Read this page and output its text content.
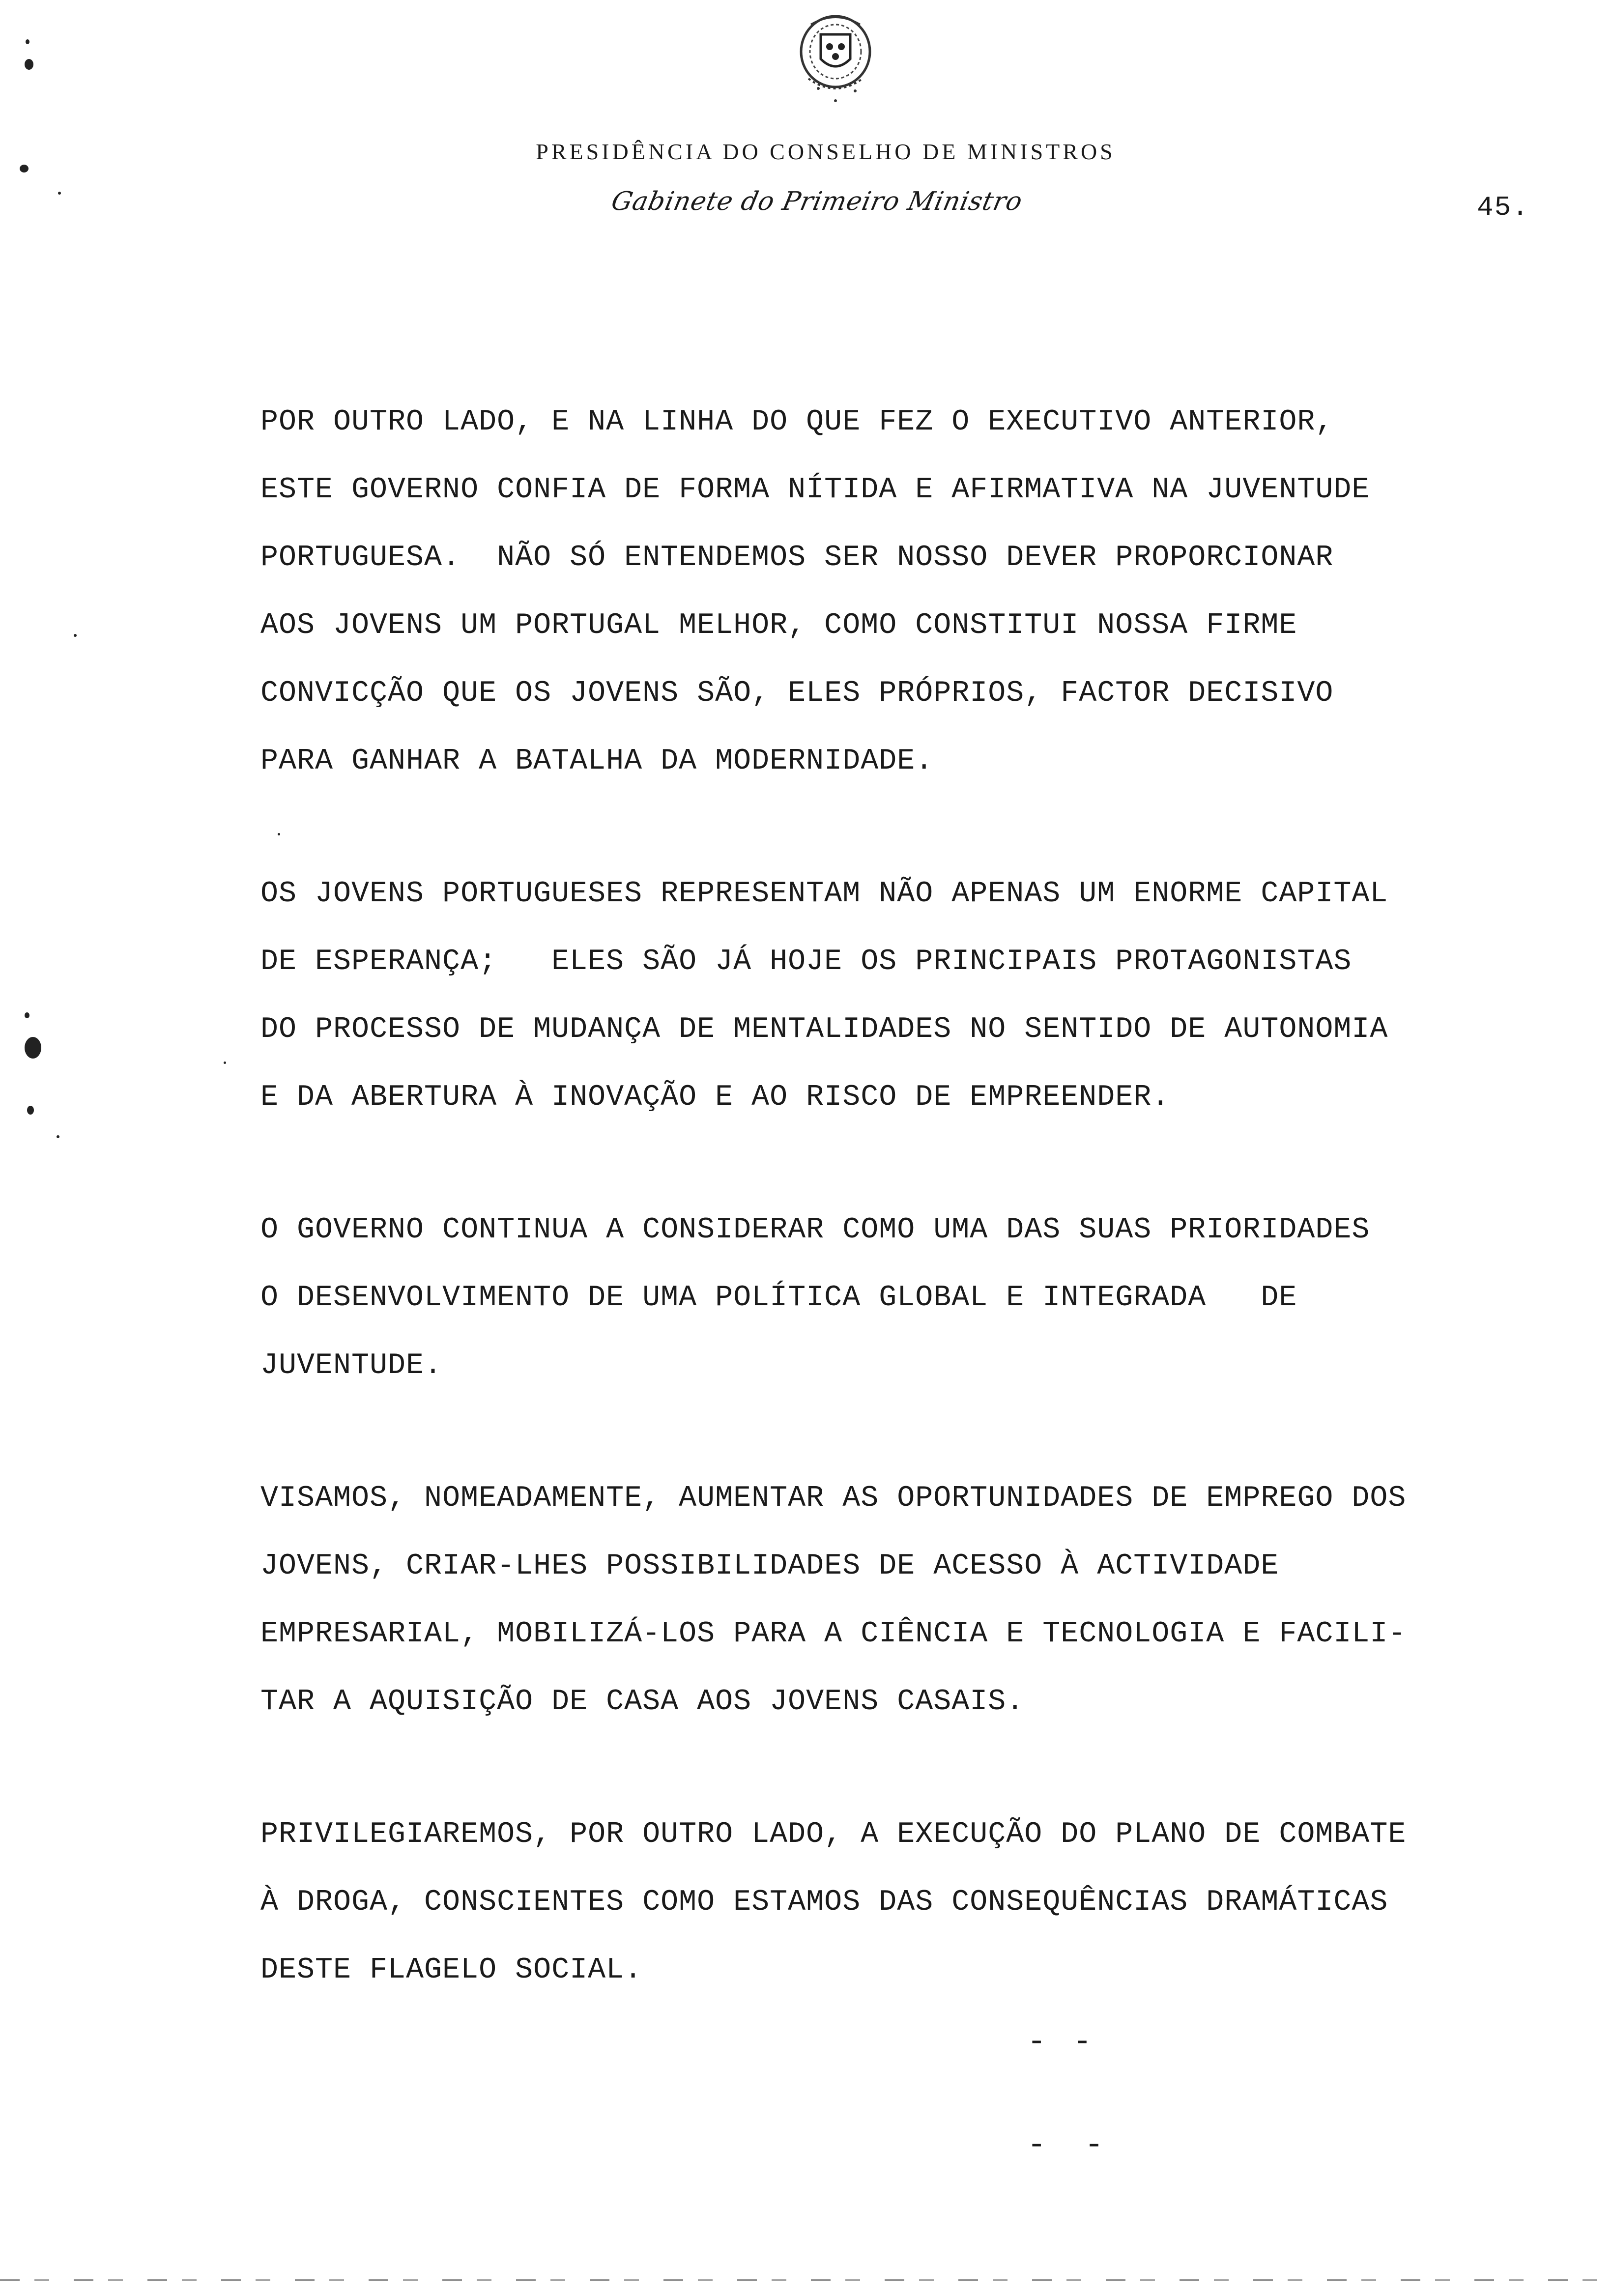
PRESIDÊNCIA DO CONSELHO DE MINISTROS
Gabinete do Primeiro Ministro	45.
POR OUTRO LADO, E NA LINHA DO QUE FEZ O EXECUTIVO ANTERIOR,
ESTE GOVERNO CONFIA DE FORMA NÍTIDA E AFIRMATIVA NA JUVENTUDE
PORTUGUESA.  NÃO SÓ ENTENDEMOS SER NOSSO DEVER PROPORCIONAR
AOS JOVENS UM PORTUGAL MELHOR, COMO CONSTITUI NOSSA FIRME
CONVICÇÃO QUE OS JOVENS SÃO, ELES PRÓPRIOS, FACTOR DECISIVO
PARA GANHAR A BATALHA DA MODERNIDADE.
OS JOVENS PORTUGUESES REPRESENTAM NÃO APENAS UM ENORME CAPITAL
DE ESPERANÇA;   ELES SÃO JÁ HOJE OS PRINCIPAIS PROTAGONISTAS
DO PROCESSO DE MUDANÇA DE MENTALIDADES NO SENTIDO DE AUTONOMIA
E DA ABERTURA À INOVAÇÃO E AO RISCO DE EMPREENDER.
O GOVERNO CONTINUA A CONSIDERAR COMO UMA DAS SUAS PRIORIDADES
O DESENVOLVIMENTO DE UMA POLÍTICA GLOBAL E INTEGRADA   DE
JUVENTUDE.
VISAMOS, NOMEADAMENTE, AUMENTAR AS OPORTUNIDADES DE EMPREGO DOS
JOVENS, CRIAR-LHES POSSIBILIDADES DE ACESSO À ACTIVIDADE
EMPRESARIAL, MOBILIZÁ-LOS PARA A CIÊNCIA E TECNOLOGIA E FACILI-
TAR A AQUISIÇÃO DE CASA AOS JOVENS CASAIS.
PRIVILEGIAREMOS, POR OUTRO LADO, A EXECUÇÃO DO PLANO DE COMBATE
À DROGA, CONSCIENTES COMO ESTAMOS DAS CONSEQUÊNCIAS DRAMÁTICAS
DESTE FLAGELO SOCIAL.
- -
- -
